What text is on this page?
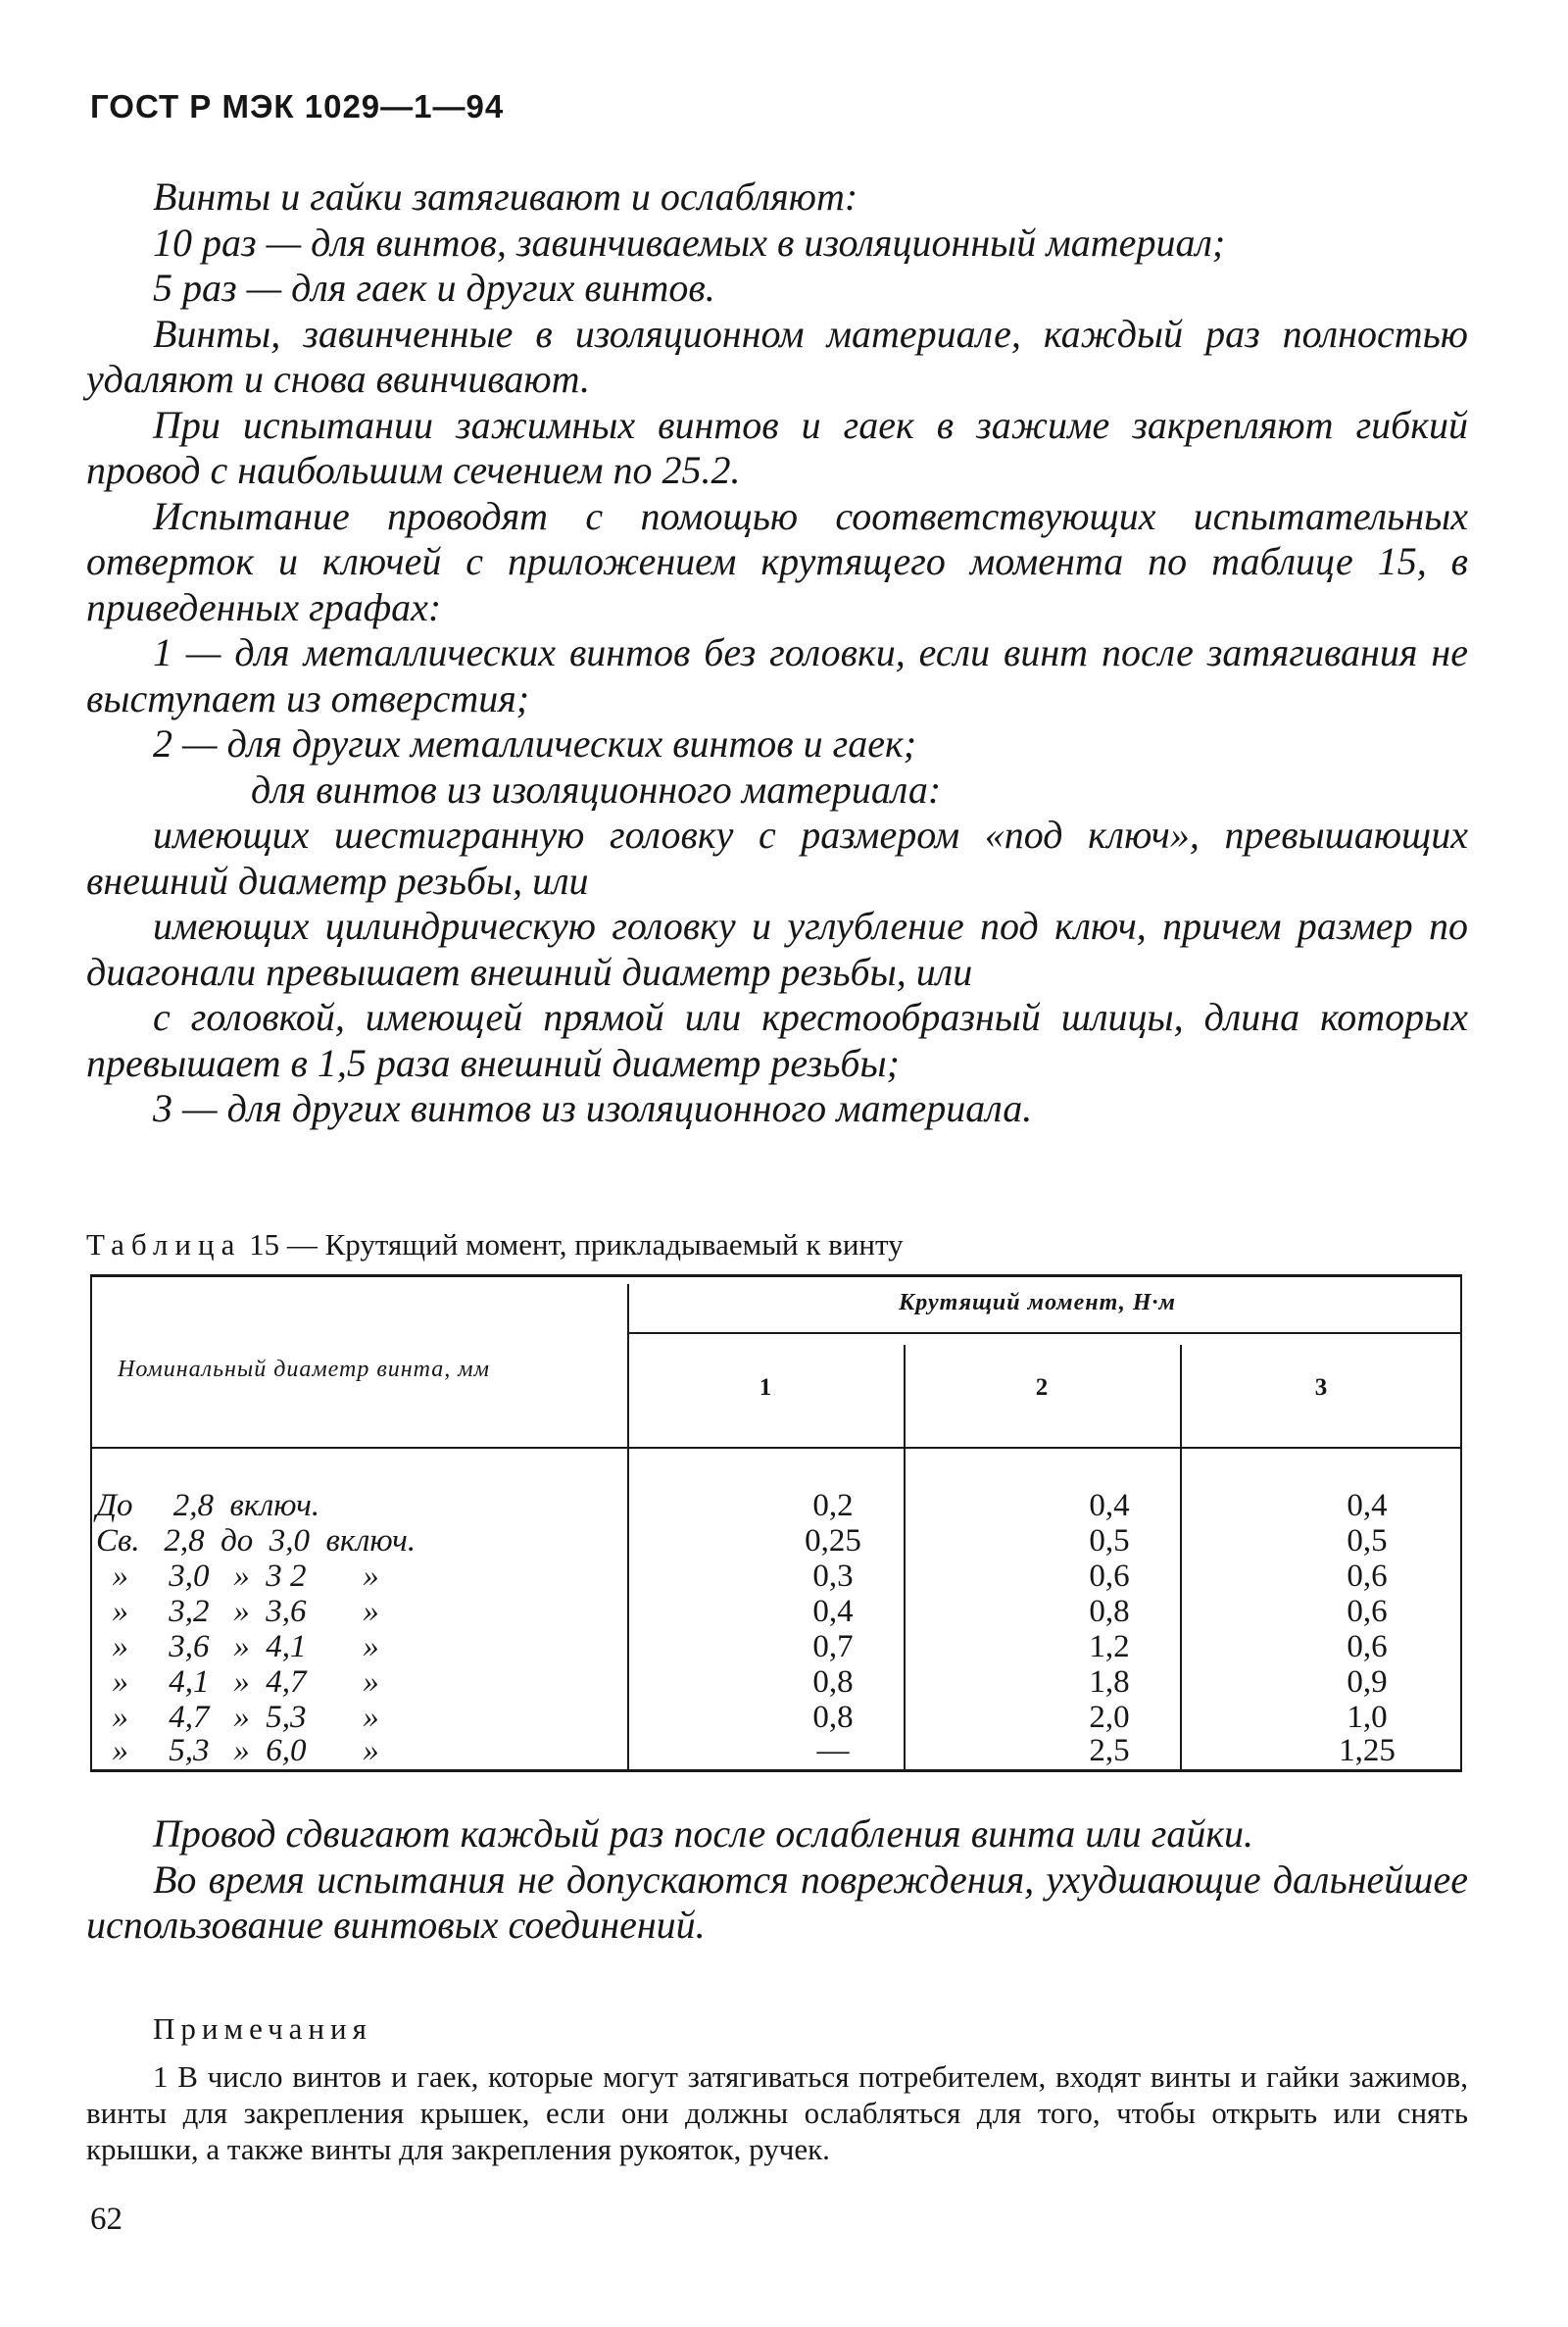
ГОСТ Р МЭК 1029—1—94

Винты и гайки затягивают и ослабляют:

10 раз — для винтов, завинчиваемых в изоляционный материал;

5 раз — для гаек и других винтов.

Винты, завинченные в изоляционном материале, каждый раз полностью удаляют и снова ввинчивают.

При испытании зажимных винтов и гаек в зажиме закрепляют гибкий провод с наибольшим сечением по 25.2.

Испытание проводят с помощью соответствующих испытательных отверток и ключей с приложением крутящего момента по таблице 15, в приведенных графах:

1 — для металлических винтов без головки, если винт после затягивания не выступает из отверстия;

2 — для других металлических винтов и гаек;

для винтов из изоляционного материала:

имеющих шестигранную головку с размером «под ключ», превышающих внешний диаметр резьбы, или

имеющих цилиндрическую головку и углубление под ключ, причем размер по диагонали превышает внешний диаметр резьбы, или

с головкой, имеющей прямой или крестообразный шлицы, длина которых превышает в 1,5 раза внешний диаметр резьбы;

3 — для других винтов из изоляционного материала.

Таблица 15 — Крутящий момент, прикладываемый к винту
Номинальный диаметр винта, мм
Крутящий момент, Н·м
1	2	3
До     2,8  включ.	0,2	0,4	0,4
Св.   2,8  до  3,0  включ.	0,25	0,5	0,5
»     3,0   »  3 2       »	0,3	0,6	0,6
»     3,2   »  3,6       »	0,4	0,8	0,6
»     3,6   »  4,1       »	0,7	1,2	0,6
»     4,1   »  4,7       »	0,8	1,8	0,9
»     4,7   »  5,3       »	0,8	2,0	1,0
»     5,3   »  6,0       »	—	2,5	1,25

Провод сдвигают каждый раз после ослабления винта или гайки.

Во время испытания не допускаются повреждения, ухудшающие дальнейшее использование винтовых соединений.

Примечания
1 В число винтов и гаек, которые могут затягиваться потребителем, входят винты и гайки зажимов, винты для закрепления крышек, если они должны ослабляться для того, чтобы открыть или снять крышки, а также винты для закрепления рукояток, ручек.
62
